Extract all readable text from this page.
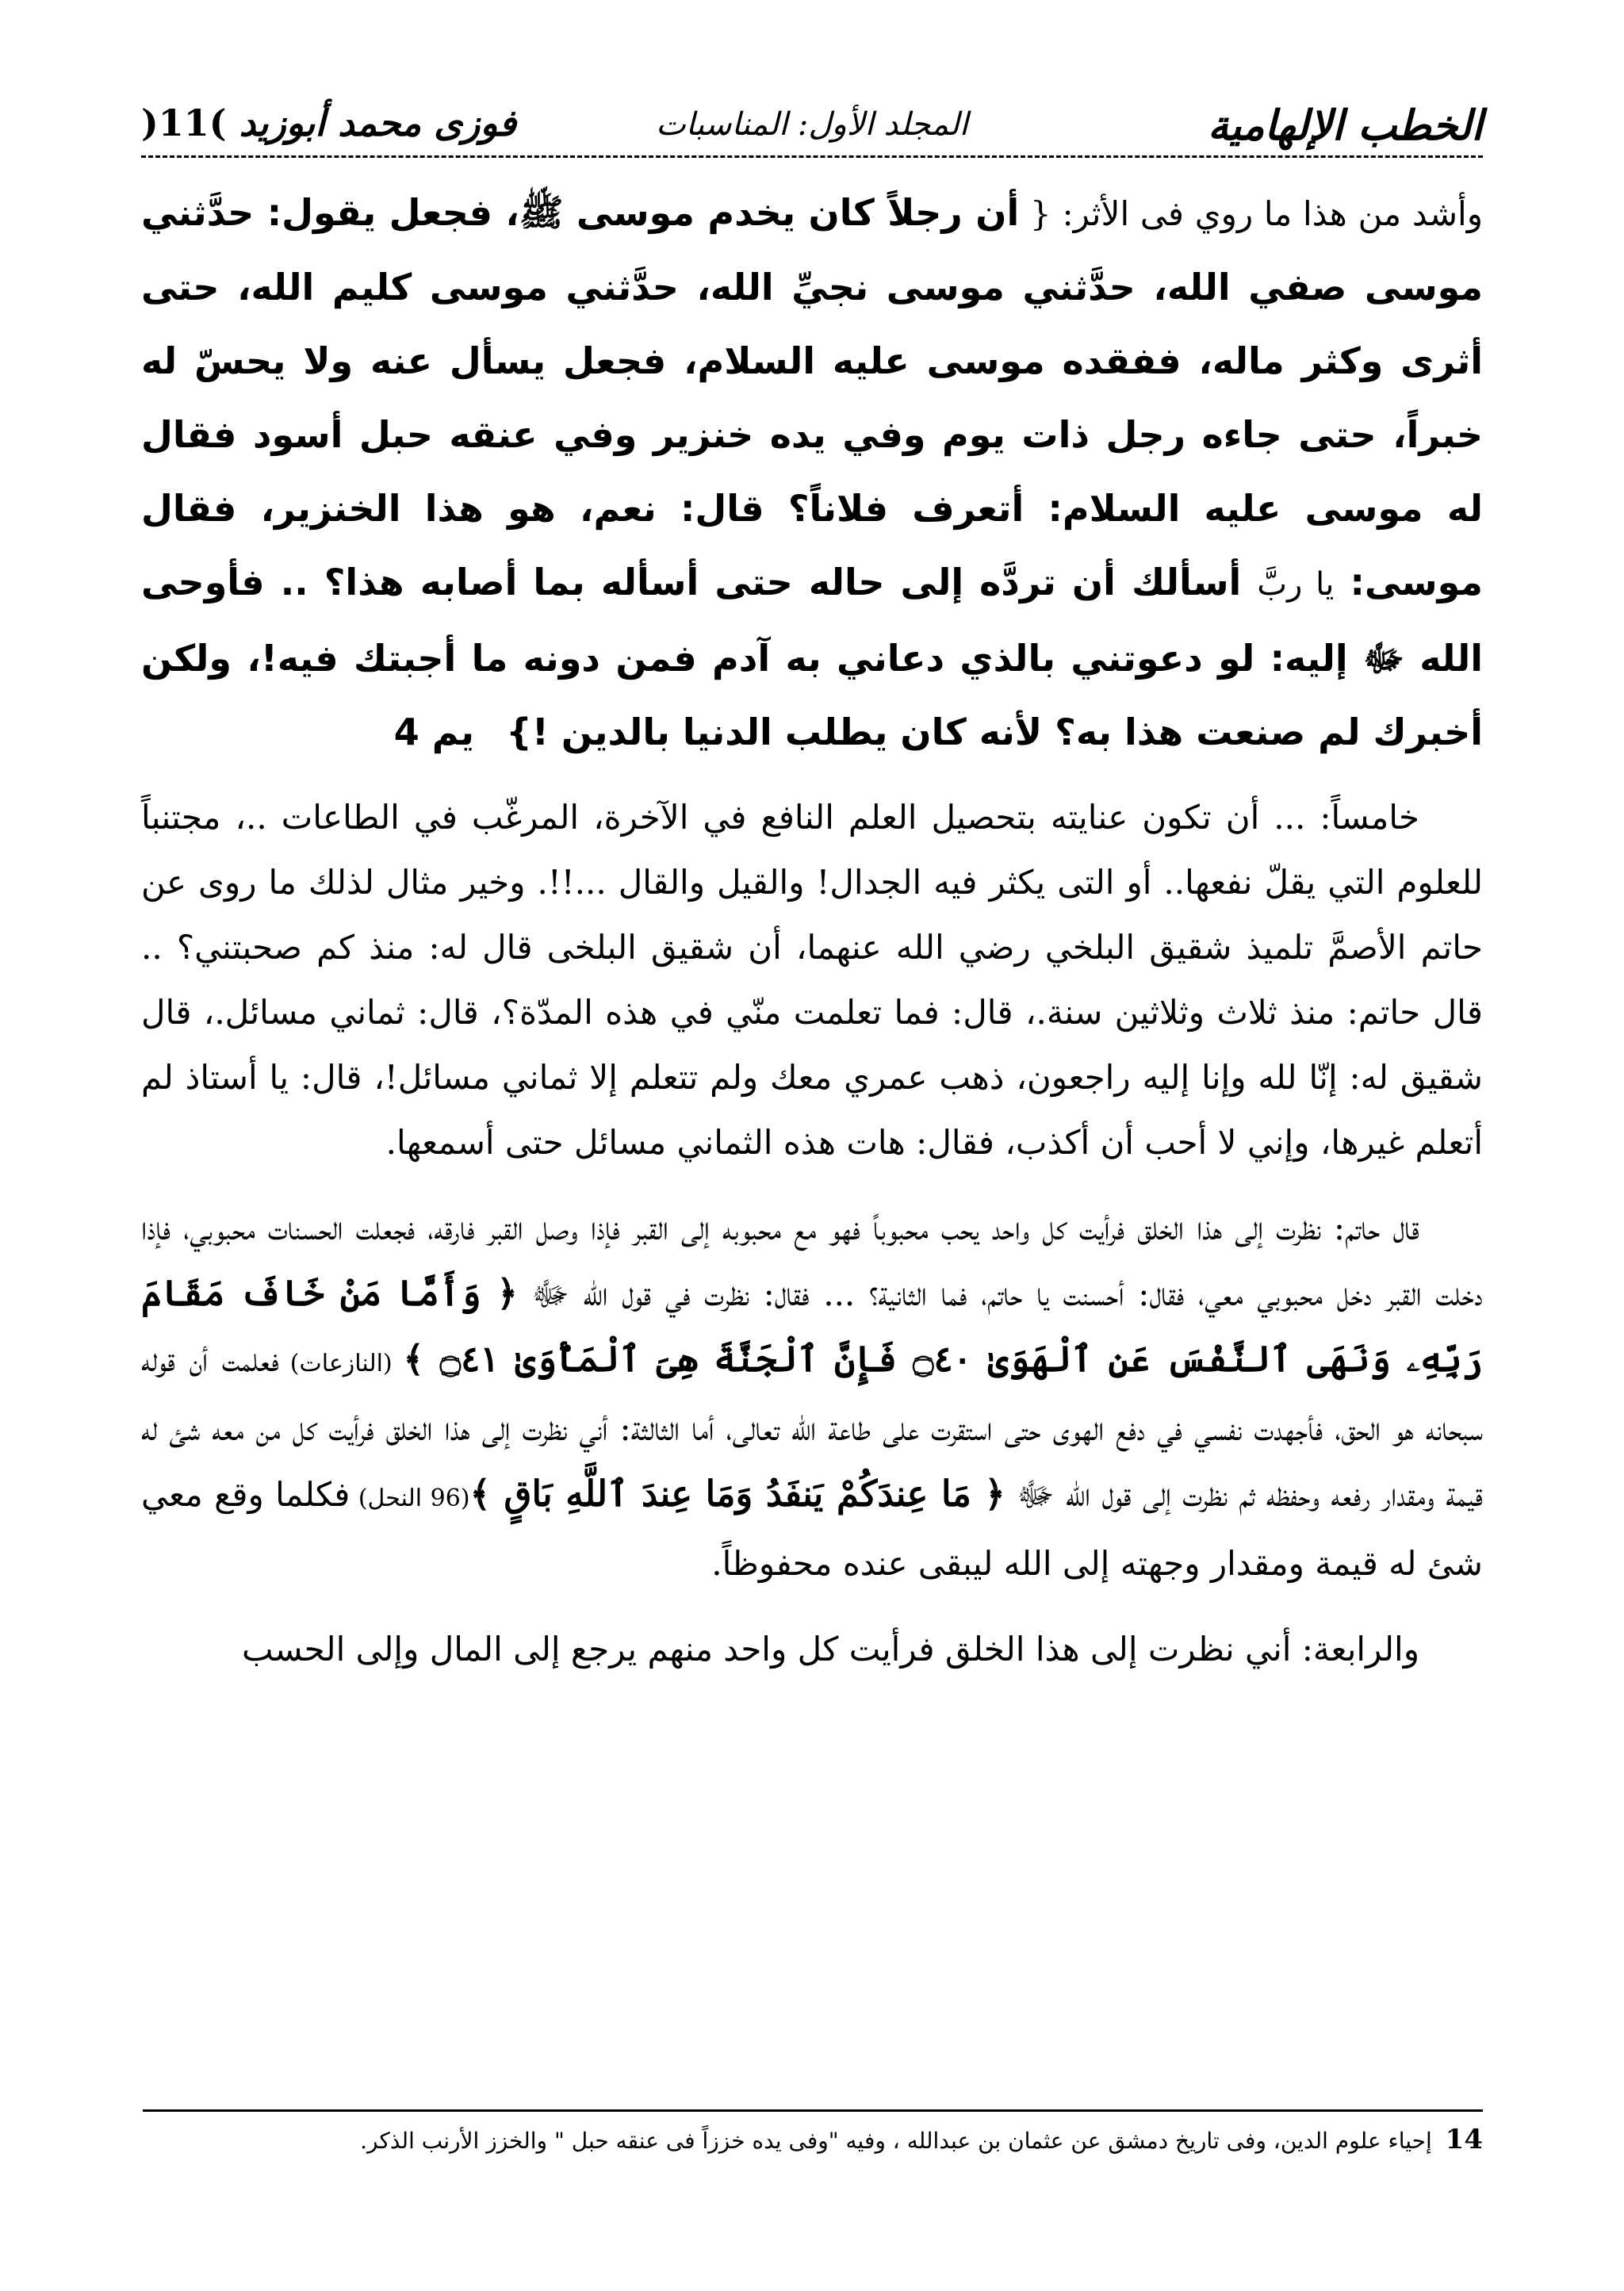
الخطب الإلهامية
المجلد الأول: المناسبات
)11( فوزى محمد أبوزيد

وأشد من هذا ما روي فى الأثر: { أن رجلاً كان يخدم موسى ﷺ، فجعل يقول: حدَّثني موسى صفي الله، حدَّثني موسى نجيِّ الله، حدَّثني موسى كليم الله، حتى أثرى وكثر ماله، ففقده موسى عليه السلام، فجعل يسأل عنه ولا يحسّ له خبراً، حتى جاءه رجل ذات يوم وفي يده خنزير وفي عنقه حبل أسود فقال له موسى عليه السلام: أتعرف فلاناً؟ قال: نعم، هو هذا الخنزير، فقال موسى: يا ربَّ أسألك أن تردَّه إلى حاله حتى أسأله بما أصابه هذا؟ .. فأوحى الله ﷻ إليه: لو دعوتني بالذي دعاني به آدم فمن دونه ما أجبتك فيه!، ولكن أخبرك لم صنعت هذا به؟ لأنه كان يطلب الدنيا بالدين !}يم 4

خامساً: ... أن تكون عنايته بتحصيل العلم النافع في الآخرة، المرغّب في الطاعات ..، مجتنباً للعلوم التي يقلّ نفعها.. أو التى يكثر فيه الجدال! والقيل والقال ...!!. وخير مثال لذلك ما روى عن حاتم الأصمَّ تلميذ شقيق البلخي رضي الله عنهما، أن شقيق البلخى قال له: منذ كم صحبتني؟ .. قال حاتم: منذ ثلاث وثلاثين سنة.، قال: فما تعلمت منّي في هذه المدّة؟، قال: ثماني مسائل.، قال شقيق له: إنّا لله وإنا إليه راجعون، ذهب عمري معك ولم تتعلم إلا ثماني مسائل!، قال: يا أستاذ لم أتعلم غيرها، وإني لا أحب أن أكذب، فقال: هات هذه الثماني مسائل حتى أسمعها.

قال حاتم: نظرت إلى هذا الخلق فرأيت كل واحد يحب محبوباً فهو مع محبوبه إلى القبر فإذا وصل القبر فارقه، فجعلت الحسنات محبوبي، فإذا دخلت القبر دخل محبوبي معي، فقال: أحسنت يا حاتم، فما الثانية؟ ... فقال: نظرت في قول الله ﷻ ﴿ وَأَمَّا مَنْ خَافَ مَقَامَ رَبِّهِۦ وَنَهَى ٱلنَّفْسَ عَنِ ٱلْهَوَىٰ ۝٤٠ فَإِنَّ ٱلْجَنَّةَ هِىَ ٱلْمَأْوَىٰ ۝٤١ ﴾ (النازعات) فعلمت أن قوله سبحانه هو الحق، فأجهدت نفسي في دفع الهوى حتى استقرت على طاعة الله تعالى، أما الثالثة: أني نظرت إلى هذا الخلق فرأيت كل من معه شئ له قيمة ومقدار رفعه وحفظه ثم نظرت إلى قول الله ﷻ ﴿ مَا عِندَكُمْ يَنفَدُ وَمَا عِندَ ٱللَّهِ بَاقٍ ﴾(96 النحل) فكلما وقع معي شئ له قيمة ومقدار وجهته إلى الله ليبقى عنده محفوظاً.

والرابعة: أني نظرت إلى هذا الخلق فرأيت كل واحد منهم يرجع إلى المال وإلى الحسب

14 إحياء علوم الدين، وفى تاريخ دمشق عن عثمان بن عبدالله ، وفيه "وفى يده خززاً فى عنقه حبل " والخزز الأرنب الذكر.
